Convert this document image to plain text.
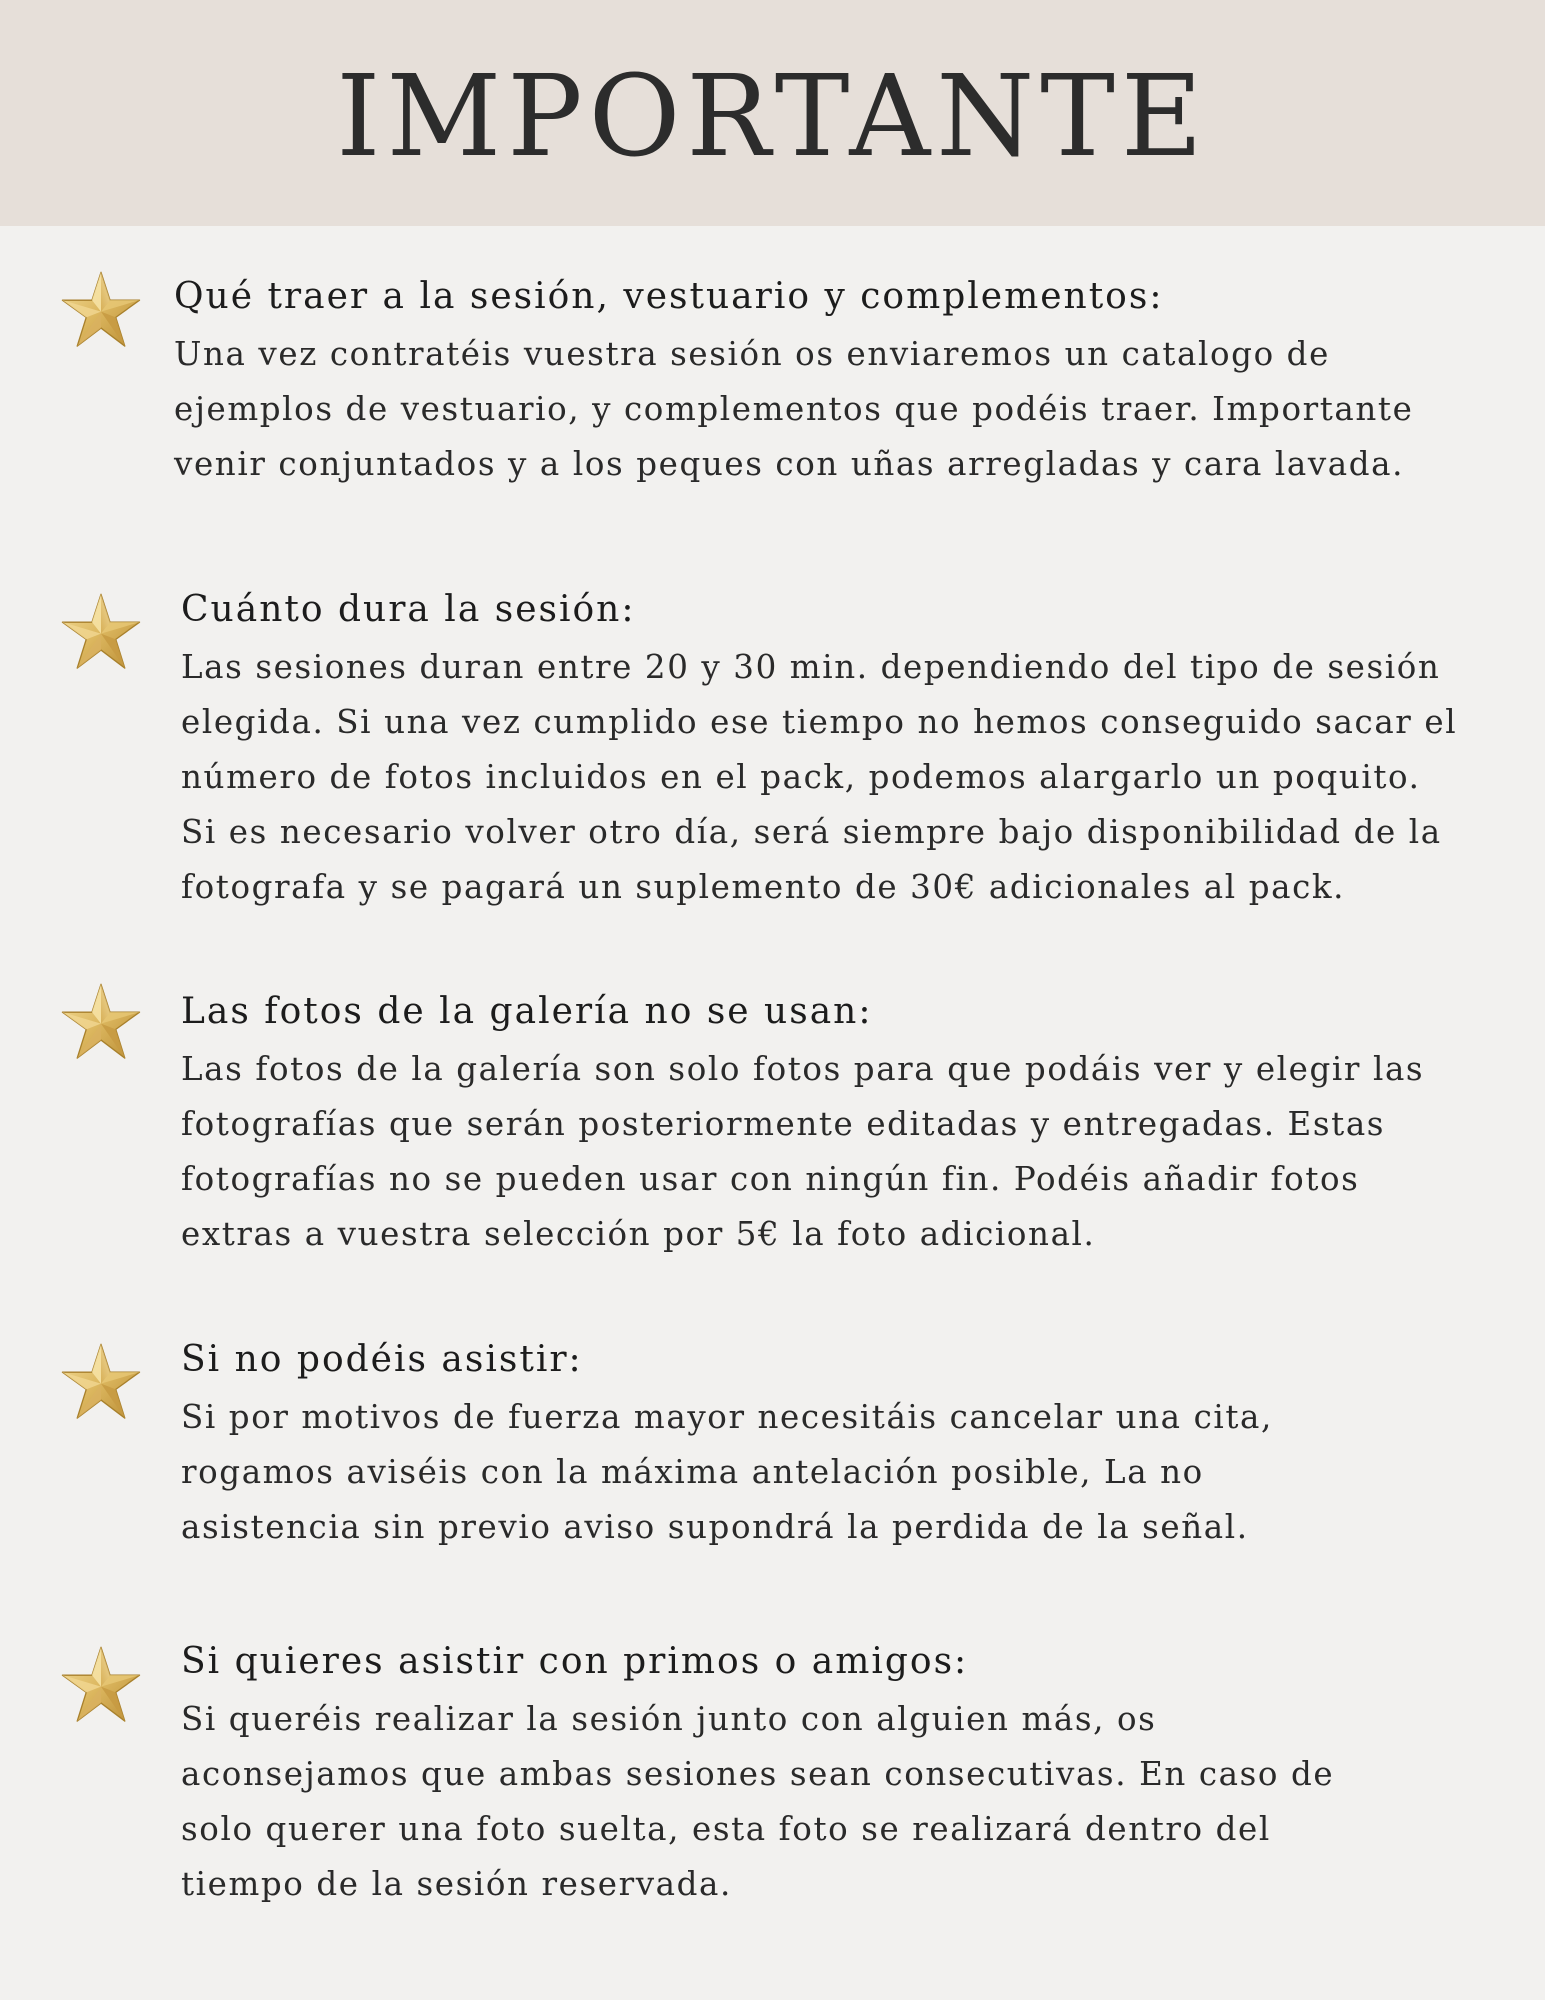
IMPORTANTE

Qué traer a la sesión, vestuario y complementos:

Una vez contratéis vuestra sesión os enviaremos un catalogo de

ejemplos de vestuario, y complementos que podéis traer. Importante

venir conjuntados y a los peques con uñas arregladas y cara lavada.

Cuánto dura la sesión:

Las sesiones duran entre 20 y 30 min. dependiendo del tipo de sesión

elegida. Si una vez cumplido ese tiempo no hemos conseguido sacar el

número de fotos incluidos en el pack, podemos alargarlo un poquito.

Si es necesario volver otro día, será siempre bajo disponibilidad de la

fotografa y se pagará un suplemento de 30€ adicionales al pack.

Las fotos de la galería no se usan:

Las fotos de la galería son solo fotos para que podáis ver y elegir las

fotografías que serán posteriormente editadas y entregadas. Estas

fotografías no se pueden usar con ningún fin. Podéis añadir fotos

extras a vuestra selección por 5€ la foto adicional.

Si no podéis asistir:

Si por motivos de fuerza mayor necesitáis cancelar una cita,

rogamos aviséis con la máxima antelación posible, La no

asistencia sin previo aviso supondrá la perdida de la señal.

Si quieres asistir con primos o amigos:

Si queréis realizar la sesión junto con alguien más, os

aconsejamos que ambas sesiones sean consecutivas. En caso de

solo querer una foto suelta, esta foto se realizará dentro del

tiempo de la sesión reservada.
